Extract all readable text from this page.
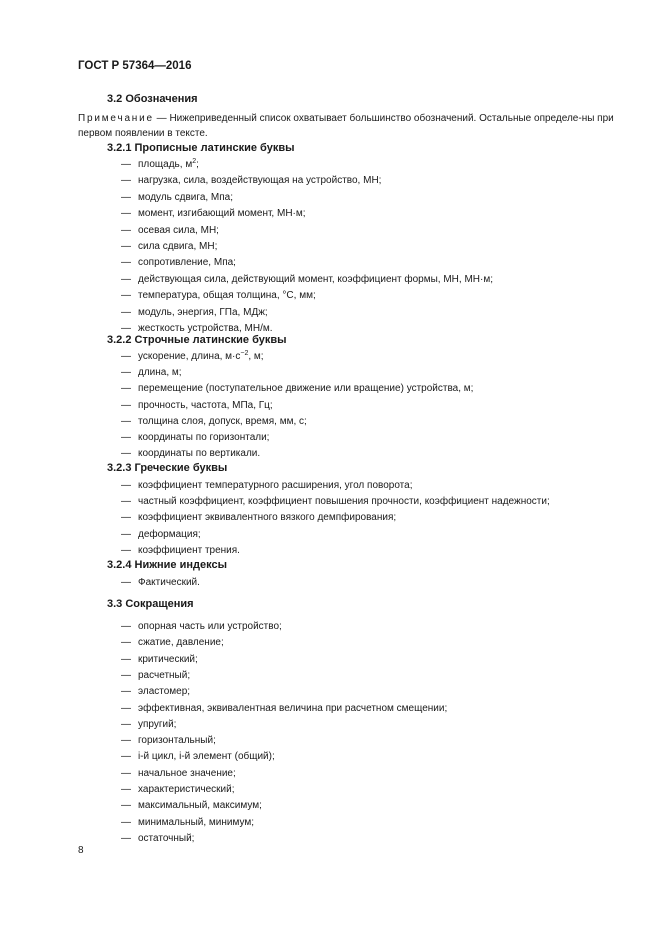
ГОСТ Р 57364—2016
3.2 Обозначения
Примечание — Нижеприведенный список охватывает большинство обозначений. Остальные определе-ны при первом появлении в тексте.
3.2.1 Прописные латинские буквы
— площадь, $м^2$;
— нагрузка, сила, воздействующая на устройство, МН;
— модуль сдвига, Мпа;
— момент, изгибающий момент, МН·м;
— осевая сила, МН;
— сила сдвига, МН;
— сопротивление, Мпа;
— действующая сила, действующий момент, коэффициент формы, МН, МН·м;
— температура, общая толщина, °С, мм;
— модуль, энергия, ГПа, МДж;
— жесткость устройства, МН/м.
3.2.2 Строчные латинские буквы
— ускорение, длина, $м\cdot с^{-2}$, м;
— длина, м;
— перемещение (поступательное движение или вращение) устройства, м;
— прочность, частота, МПа, Гц;
— толщина слоя, допуск, время, мм, с;
— координаты по горизонтали;
— координаты по вертикали.
3.2.3 Греческие буквы
— коэффициент температурного расширения, угол поворота;
— частный коэффициент, коэффициент повышения прочности, коэффициент надежности;
— коэффициент эквивалентного вязкого демпфирования;
— деформация;
— коэффициент трения.
3.2.4 Нижние индексы
— Фактический.
3.3 Сокращения
— опорная часть или устройство;
— сжатие, давление;
— критический;
— расчетный;
— эластомер;
— эффективная, эквивалентная величина при расчетном смещении;
— упругий;
— горизонтальный;
— i-й цикл, i-й элемент (общий);
— начальное значение;
— характеристический;
— максимальный, максимум;
— минимальный, минимум;
— остаточный;
8
